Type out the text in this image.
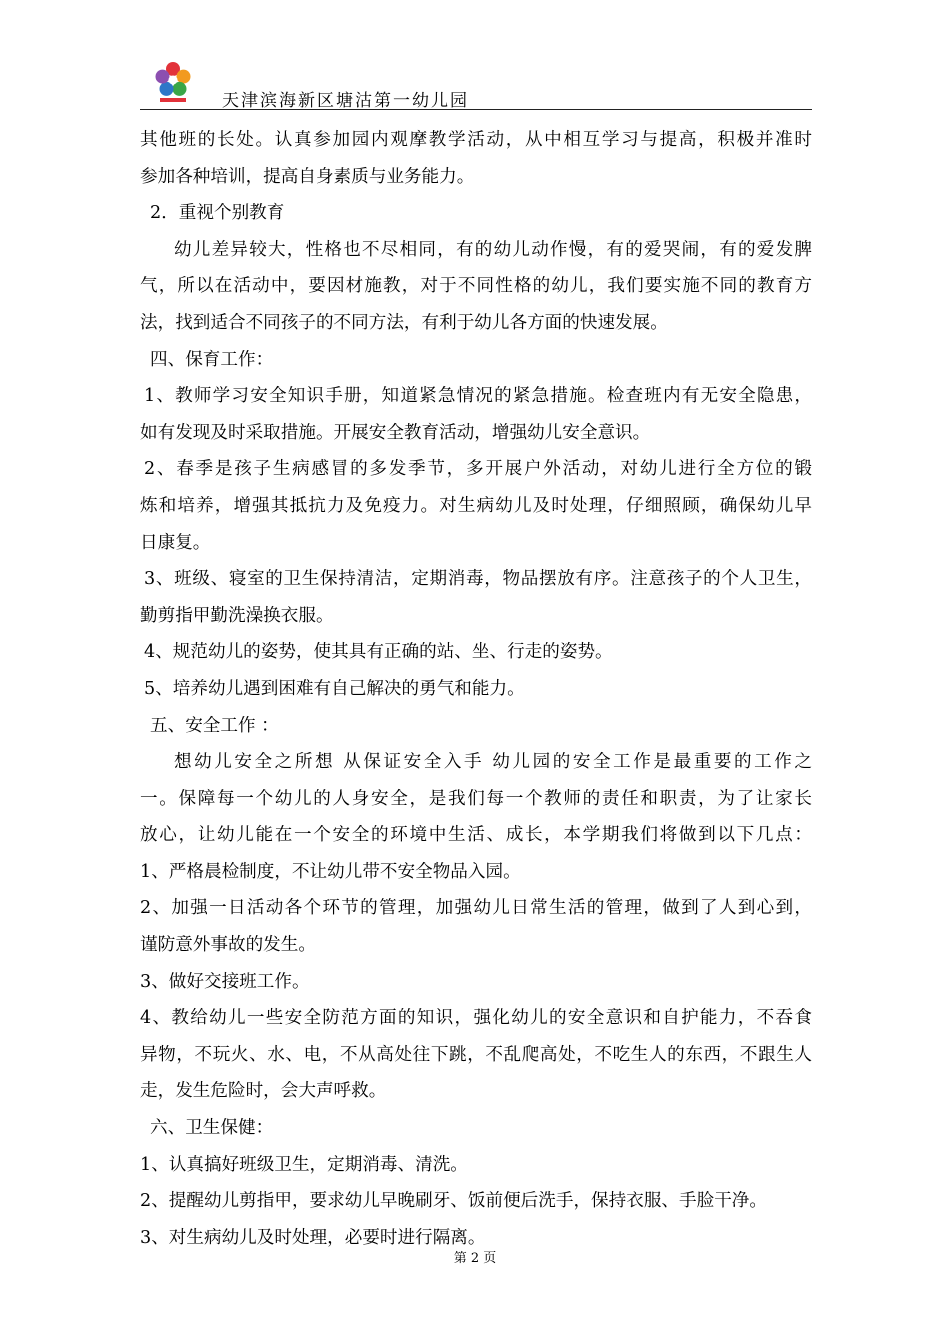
天津滨海新区塘沽第一幼儿园
其他班的长处。认真参加园内观摩教学活动，从中相互学习与提高，积极并准时
参加各种培训，提高自身素质与业务能力。
2．重视个别教育
幼儿差异较大，性格也不尽相同，有的幼儿动作慢，有的爱哭闹，有的爱发脾
气，所以在活动中，要因材施教，对于不同性格的幼儿，我们要实施不同的教育方
法，找到适合不同孩子的不同方法，有利于幼儿各方面的快速发展。
四、保育工作：
1、教师学习安全知识手册，知道紧急情况的紧急措施。检查班内有无安全隐患，
如有发现及时采取措施。开展安全教育活动，增强幼儿安全意识。
2、春季是孩子生病感冒的多发季节，多开展户外活动，对幼儿进行全方位的锻
炼和培养，增强其抵抗力及免疫力。对生病幼儿及时处理，仔细照顾，确保幼儿早
日康复。
3、班级、寝室的卫生保持清洁，定期消毒，物品摆放有序。注意孩子的个人卫生，
勤剪指甲勤洗澡换衣服。
4、规范幼儿的姿势，使其具有正确的站、坐、行走的姿势。
5、培养幼儿遇到困难有自己解决的勇气和能力。
五、安全工作 ：
想幼儿安全之所想 从保证安全入手 幼儿园的安全工作是最重要的工作之
一。保障每一个幼儿的人身安全，是我们每一个教师的责任和职责，为了让家长
放心，让幼儿能在一个安全的环境中生活、成长，本学期我们将做到以下几点：
1、严格晨检制度，不让幼儿带不安全物品入园。
2、加强一日活动各个环节的管理，加强幼儿日常生活的管理，做到了人到心到，
谨防意外事故的发生。
3、做好交接班工作。
4、教给幼儿一些安全防范方面的知识，强化幼儿的安全意识和自护能力，不吞食
异物，不玩火、水、电，不从高处往下跳，不乱爬高处，不吃生人的东西，不跟生人
走，发生危险时，会大声呼救。
六、卫生保健：
1、认真搞好班级卫生，定期消毒、清洗。
2、提醒幼儿剪指甲，要求幼儿早晚刷牙、饭前便后洗手，保持衣服、手脸干净。
3、对生病幼儿及时处理，必要时进行隔离。
第 2 页
